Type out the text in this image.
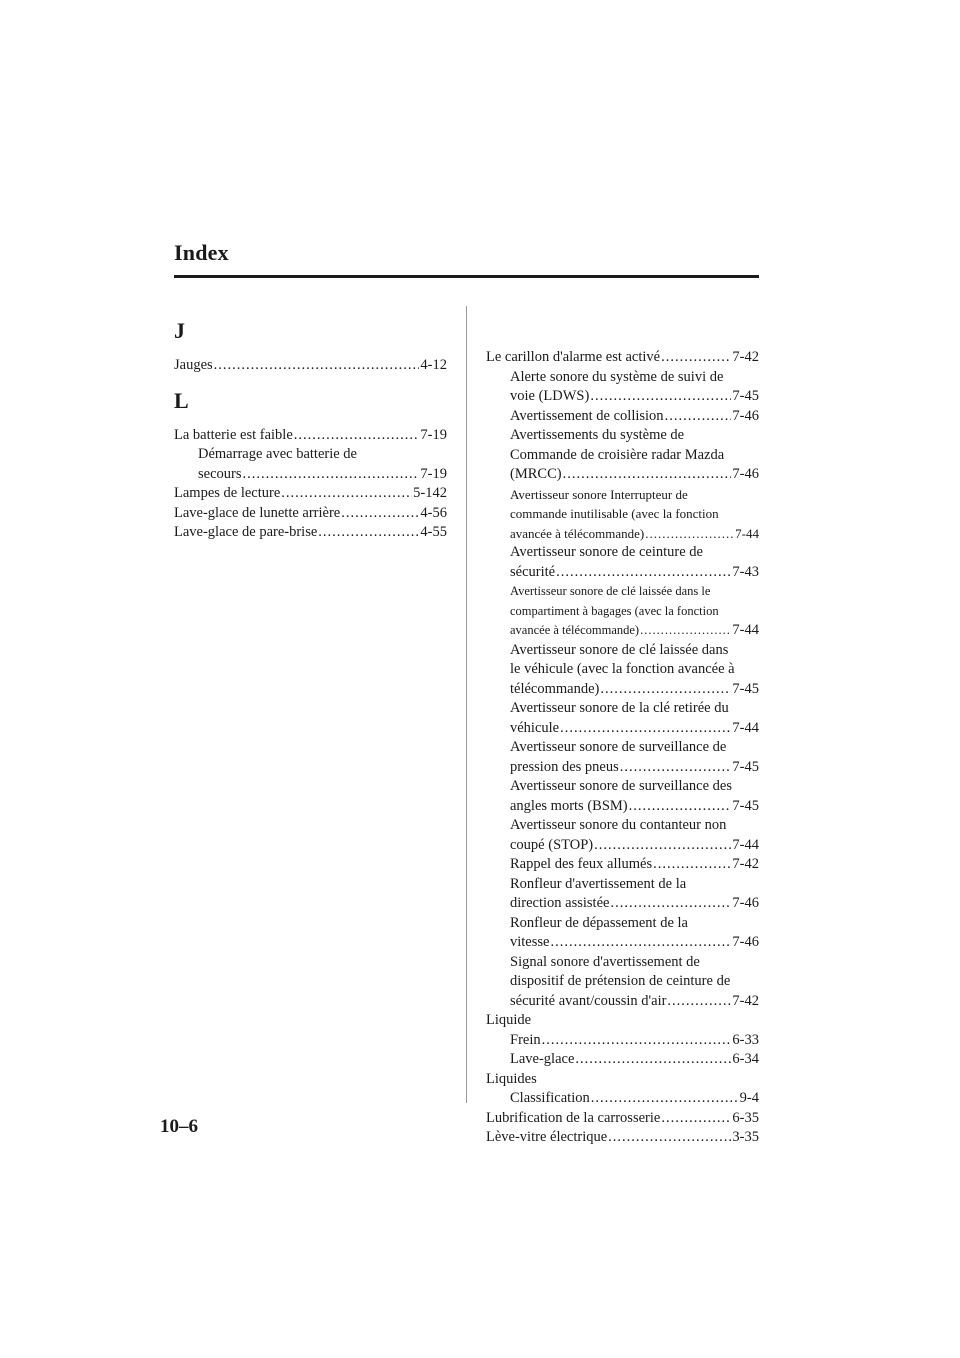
Index
J
Jauges .....	4-12
L
La batterie est faible .....	7-19
Démarrage avec batterie de
secours .....	7-19
Lampes de lecture .....	5-142
Lave-glace de lunette arrière .....	4-56
Lave-glace de pare-brise .....	4-55
Le carillon d'alarme est activé .....	7-42
Alerte sonore du système de suivi de
voie (LDWS) .....	7-45
Avertissement de collision .....	7-46
Avertissements du système de
Commande de croisière radar Mazda
(MRCC) .....	7-46
Avertisseur sonore Interrupteur de
commande inutilisable (avec la fonction
avancée à télécommande) .....	7-44
Avertisseur sonore de ceinture de
sécurité .....	7-43
Avertisseur sonore de clé laissée dans le
compartiment à bagages (avec la fonction
avancée à télécommande) .....	7-44
Avertisseur sonore de clé laissée dans
le véhicule (avec la fonction avancée à
télécommande) .....	7-45
Avertisseur sonore de la clé retirée du
véhicule .....	7-44
Avertisseur sonore de surveillance de
pression des pneus .....	7-45
Avertisseur sonore de surveillance des
angles morts (BSM) .....	7-45
Avertisseur sonore du contanteur non
coupé (STOP) .....	7-44
Rappel des feux allumés .....	7-42
Ronfleur d'avertissement de la
direction assistée .....	7-46
Ronfleur de dépassement de la
vitesse .....	7-46
Signal sonore d'avertissement de
dispositif de prétension de ceinture de
sécurité avant/coussin d'air .....	7-42
Liquide
Frein .....	6-33
Lave-glace .....	6-34
Liquides
Classification .....	9-4
Lubrification de la carrosserie .....	6-35
Lève-vitre électrique .....	3-35
10–6
